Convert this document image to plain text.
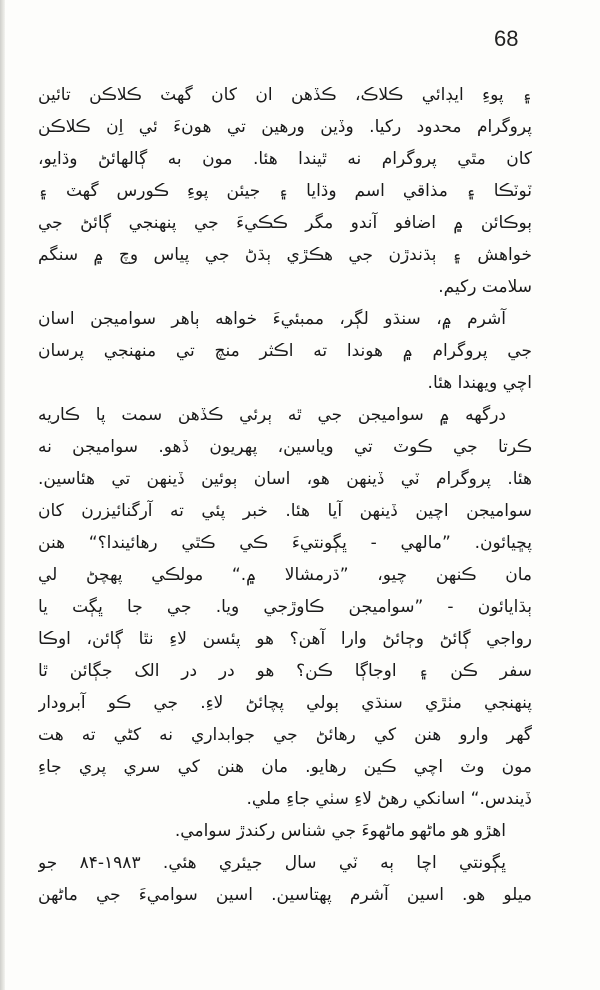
68
۽ پوءِ ايڊائي ڪلاڪ، ڪڏهن ان کان گهٽ ڪلاڪن تائين
پروگرام محدود رکيا. وڏين ورهين تي هونءَ ئي اِن ڪلاڪن
کان مٿي پروگرام نه ٿيندا هئا. مون به ڳالهائڻ وڌايو،
ٽوٽڪا ۽ مذاقي اسم وڌايا ۽ جيئن پوءِ ڪورس گهٽ ۽
ٻوڪائن ۾ اضافو آندو مگر ڪڪيءَ جي پنهنجي ڳائڻ جي
خواهش ۽ ٻڌندڙن جي هڪڙي ٻڌڻ جي پياس وچ ۾ سنگم
سلامت رکيم.
آشرم ۾، سنڌو لڳر، ممبئيءَ خواهه ٻاهر سواميجن اسان
جي پروگرام ۾ هوندا ته اڪثر منچ تي منهنجي پرسان
اچي ويهندا هئا.
درگهه ۾ سواميجن جي ٿه ٻرئي ڪڏهن سمت پا ڪاريه
ڪرتا جي ڪوٽ تي وياسين، پهريون ڏهو. سواميجن نه
هئا. پروگرام ٽي ڏينهن هو، اسان ٻوئين ڏينهن تي هئاسين.
سواميجن اچين ڏينهن آيا هئا. خبر پئي ته آرگنائيزرن کان
پڇيائون. ”مالهي - ڀڳونتيءَ ڪي ڪٿي رهائيندا؟“ هنن
مان ڪنهن چيو، ”ڌرمشالا ۾.“ مولڪي پهچڻ لي
ٻڌايائون - ”سواميجن ڪاوڙجي ويا. جي جا ڀڳت يا
رواجي ڳائڻ وڄائڻ وارا آهن؟ هو پئسن لاءِ نٿا ڳائن، اوڪا
سفر ڪن ۽ اوجاڳا ڪن؟ هو در در الک جڳائن ٿا
پنهنجي مٺڙي سنڌي ٻولي پچائڻ لاءِ. جي ڪو آبرودار
گهر وارو هنن کي رهائڻ جي جوابداري نه کڻي ته هت
مون وٽ اچي ڪين رهايو. مان هنن کي سري پري جاءِ
ڏيندس.“ اسانکي رهڻ لاءِ سٺي جاءِ ملي.
اهڙو هو ماڻهو ماڻهوءَ جي شناس رکندڙ سوامي.
ڀڳونتي اچا ٻه ٽي سال جيئري هئي. ۱۹۸۳-۸۴ جو
ميلو هو. اسين آشرم پهتاسين. اسين سواميءَ جي ماڻهن
